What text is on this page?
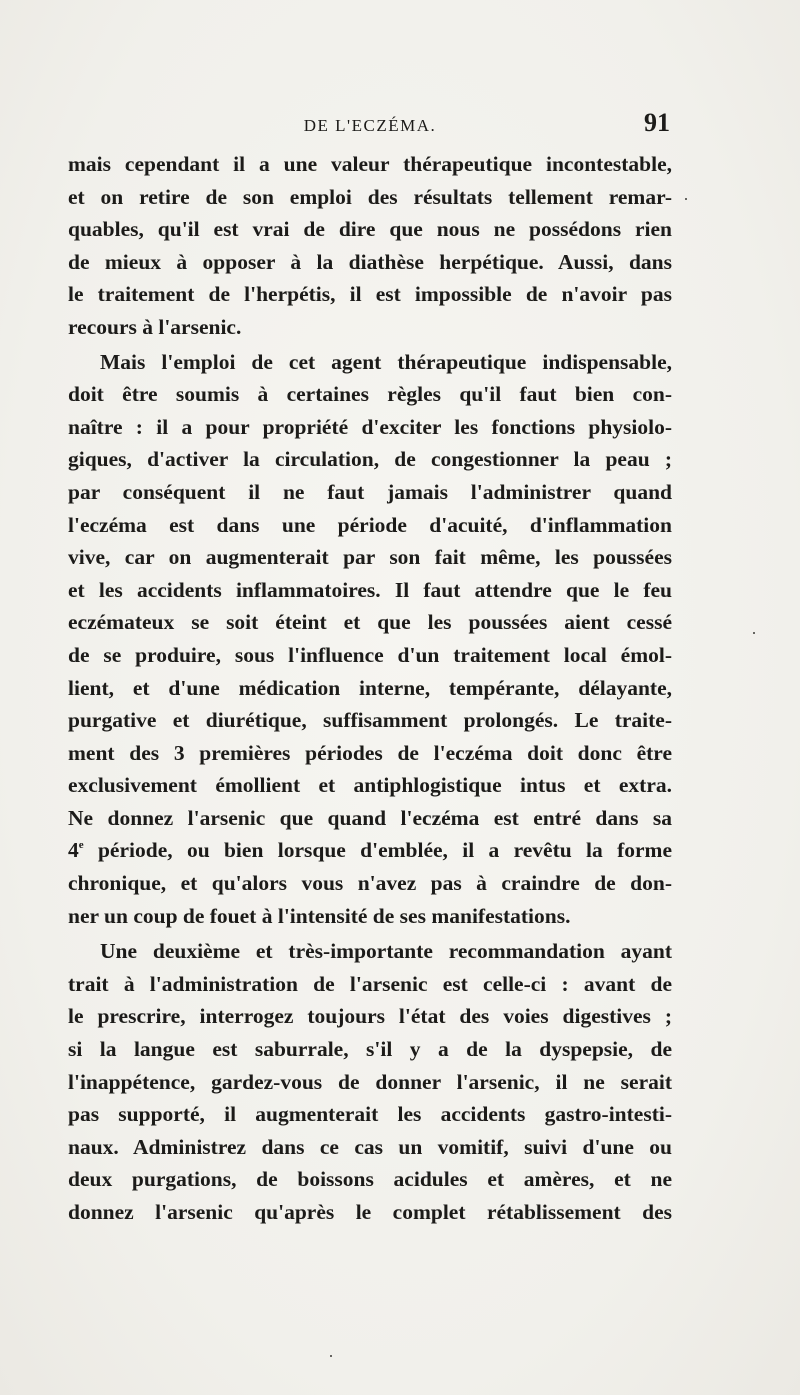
DE L'ECZÉMA.	91
mais cependant il a une valeur thérapeutique incontestable,
et on retire de son emploi des résultats tellement remar-
quables, qu'il est vrai de dire que nous ne possédons rien
de mieux à opposer à la diathèse herpétique. Aussi, dans
le traitement de l'herpétis, il est impossible de n'avoir pas
recours à l'arsenic.
Mais l'emploi de cet agent thérapeutique indispensable,
doit être soumis à certaines règles qu'il faut bien con-
naître : il a pour propriété d'exciter les fonctions physiolo-
giques, d'activer la circulation, de congestionner la peau ;
par conséquent il ne faut jamais l'administrer quand
l'eczéma est dans une période d'acuité, d'inflammation
vive, car on augmenterait par son fait même, les poussées
et les accidents inflammatoires. Il faut attendre que le feu
eczémateux se soit éteint et que les poussées aient cessé
de se produire, sous l'influence d'un traitement local émol-
lient, et d'une médication interne, tempérante, délayante,
purgative et diurétique, suffisamment prolongés. Le traite-
ment des 3 premières périodes de l'eczéma doit donc être
exclusivement émollient et antiphlogistique intus et extra.
Ne donnez l'arsenic que quand l'eczéma est entré dans sa
4e période, ou bien lorsque d'emblée, il a revêtu la forme
chronique, et qu'alors vous n'avez pas à craindre de don-
ner un coup de fouet à l'intensité de ses manifestations.
Une deuxième et très-importante recommandation ayant
trait à l'administration de l'arsenic est celle-ci : avant de
le prescrire, interrogez toujours l'état des voies digestives ;
si la langue est saburrale, s'il y a de la dyspepsie, de
l'inappétence, gardez-vous de donner l'arsenic, il ne serait
pas supporté, il augmenterait les accidents gastro-intesti-
naux. Administrez dans ce cas un vomitif, suivi d'une ou
deux purgations, de boissons acidules et amères, et ne
donnez l'arsenic qu'après le complet rétablissement des
